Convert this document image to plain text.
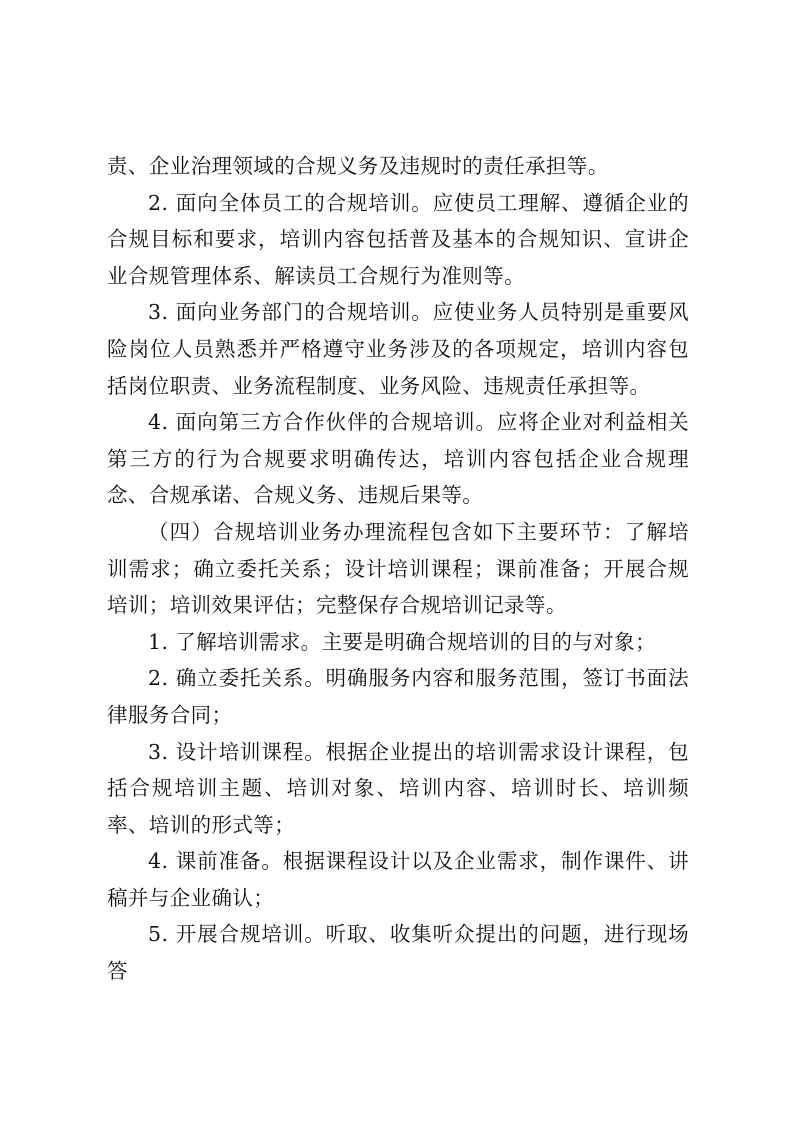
责、企业治理领域的合规义务及违规时的责任承担等。

2. 面向全体员工的合规培训。应使员工理解、遵循企业的合规目标和要求，培训内容包括普及基本的合规知识、宣讲企业合规管理体系、解读员工合规行为准则等。

3. 面向业务部门的合规培训。应使业务人员特别是重要风险岗位人员熟悉并严格遵守业务涉及的各项规定，培训内容包括岗位职责、业务流程制度、业务风险、违规责任承担等。

4. 面向第三方合作伙伴的合规培训。应将企业对利益相关第三方的行为合规要求明确传达，培训内容包括企业合规理念、合规承诺、合规义务、违规后果等。

（四）合规培训业务办理流程包含如下主要环节：了解培训需求；确立委托关系；设计培训课程；课前准备；开展合规培训；培训效果评估；完整保存合规培训记录等。

1. 了解培训需求。主要是明确合规培训的目的与对象；

2. 确立委托关系。明确服务内容和服务范围，签订书面法律服务合同；

3. 设计培训课程。根据企业提出的培训需求设计课程，包括合规培训主题、培训对象、培训内容、培训时长、培训频率、培训的形式等；

4. 课前准备。根据课程设计以及企业需求，制作课件、讲稿并与企业确认；

5. 开展合规培训。听取、收集听众提出的问题，进行现场答
